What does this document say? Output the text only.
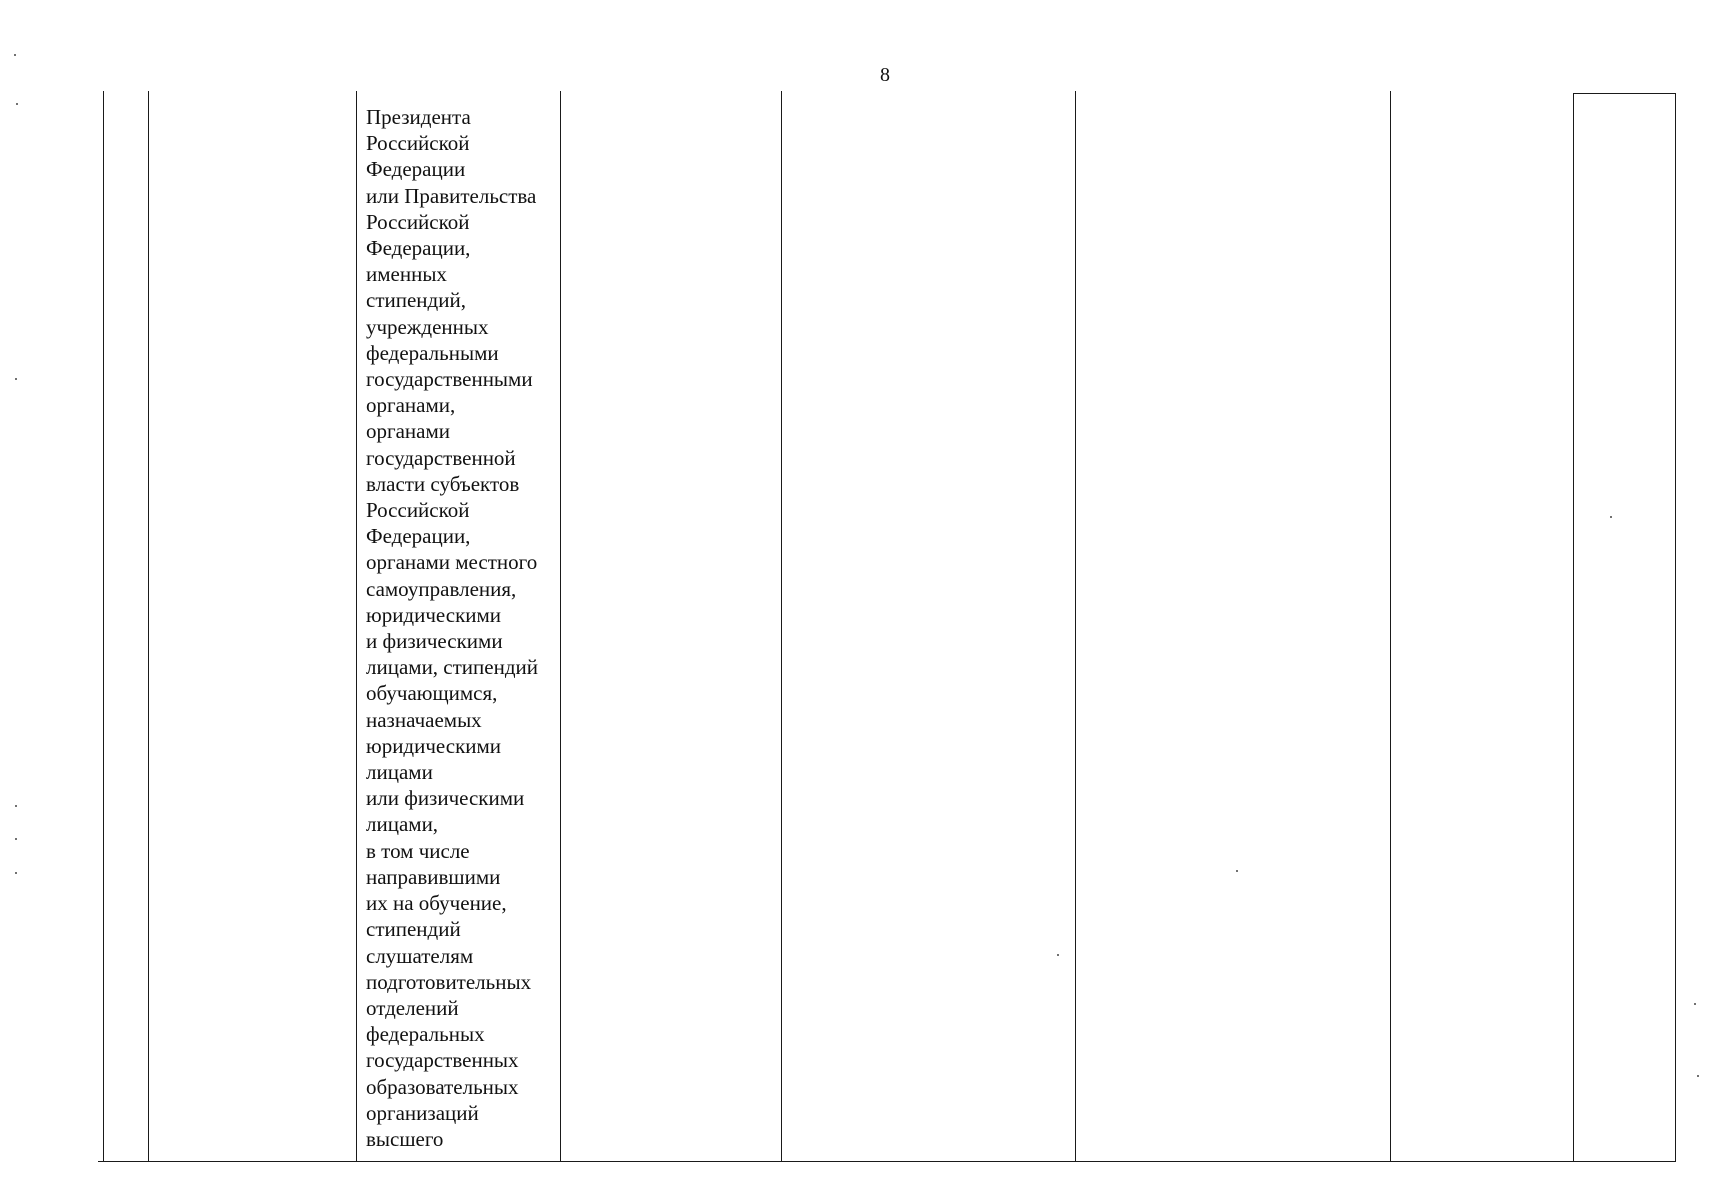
8
Президента
Российской
Федерации
или Правительства
Российской
Федерации,
именных
стипендий,
учрежденных
федеральными
государственными
органами,
органами
государственной
власти субъектов
Российской
Федерации,
органами местного
самоуправления,
юридическими
и физическими
лицами, стипендий
обучающимся,
назначаемых
юридическими
лицами
или физическими
лицами,
в том числе
направившими
их на обучение,
стипендий
слушателям
подготовительных
отделений
федеральных
государственных
образовательных
организаций
высшего
